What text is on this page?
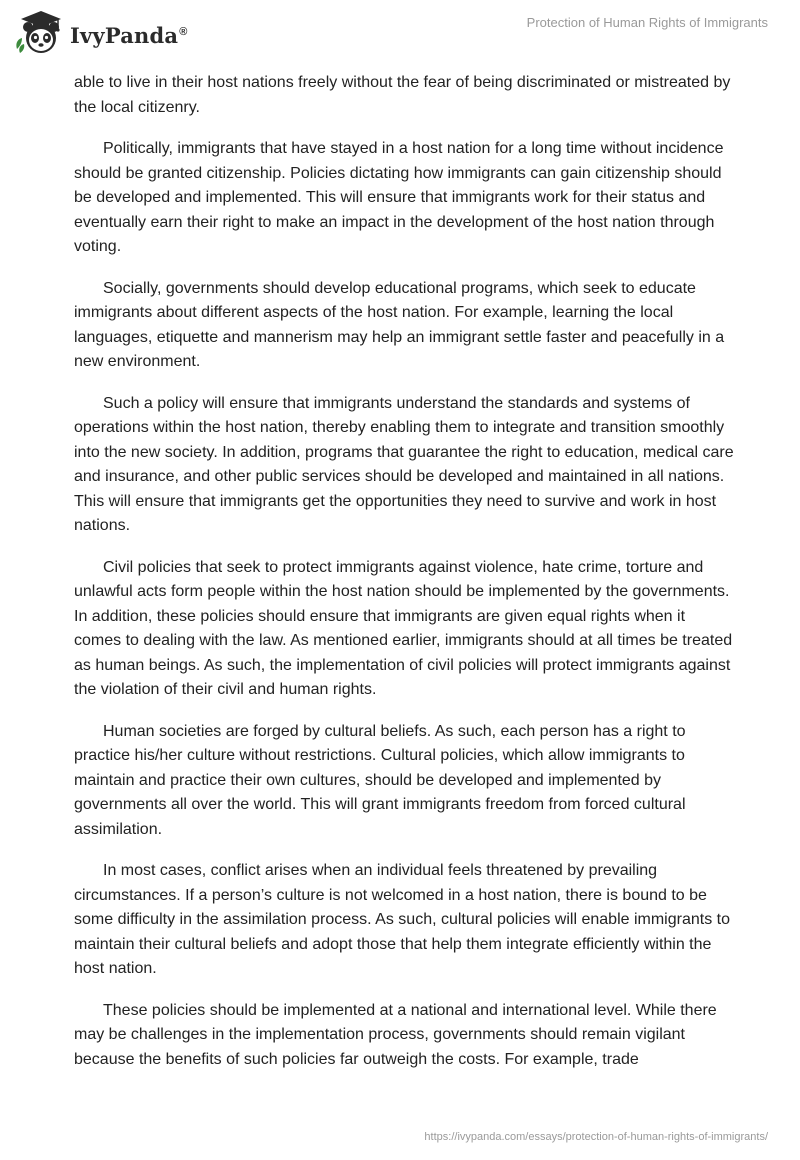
IvyPanda®
Protection of Human Rights of Immigrants

able to live in their host nations freely without the fear of being discriminated or mistreated by the local citizenry.

Politically, immigrants that have stayed in a host nation for a long time without incidence should be granted citizenship. Policies dictating how immigrants can gain citizenship should be developed and implemented. This will ensure that immigrants work for their status and eventually earn their right to make an impact in the development of the host nation through voting.

Socially, governments should develop educational programs, which seek to educate immigrants about different aspects of the host nation. For example, learning the local languages, etiquette and mannerism may help an immigrant settle faster and peacefully in a new environment.

Such a policy will ensure that immigrants understand the standards and systems of operations within the host nation, thereby enabling them to integrate and transition smoothly into the new society. In addition, programs that guarantee the right to education, medical care and insurance, and other public services should be developed and maintained in all nations. This will ensure that immigrants get the opportunities they need to survive and work in host nations.

Civil policies that seek to protect immigrants against violence, hate crime, torture and unlawful acts form people within the host nation should be implemented by the governments. In addition, these policies should ensure that immigrants are given equal rights when it comes to dealing with the law. As mentioned earlier, immigrants should at all times be treated as human beings. As such, the implementation of civil policies will protect immigrants against the violation of their civil and human rights.

Human societies are forged by cultural beliefs. As such, each person has a right to practice his/her culture without restrictions. Cultural policies, which allow immigrants to maintain and practice their own cultures, should be developed and implemented by governments all over the world. This will grant immigrants freedom from forced cultural assimilation.

In most cases, conflict arises when an individual feels threatened by prevailing circumstances. If a person’s culture is not welcomed in a host nation, there is bound to be some difficulty in the assimilation process. As such, cultural policies will enable immigrants to maintain their cultural beliefs and adopt those that help them integrate efficiently within the host nation.

These policies should be implemented at a national and international level. While there may be challenges in the implementation process, governments should remain vigilant because the benefits of such policies far outweigh the costs. For example, trade

https://ivypanda.com/essays/protection-of-human-rights-of-immigrants/
